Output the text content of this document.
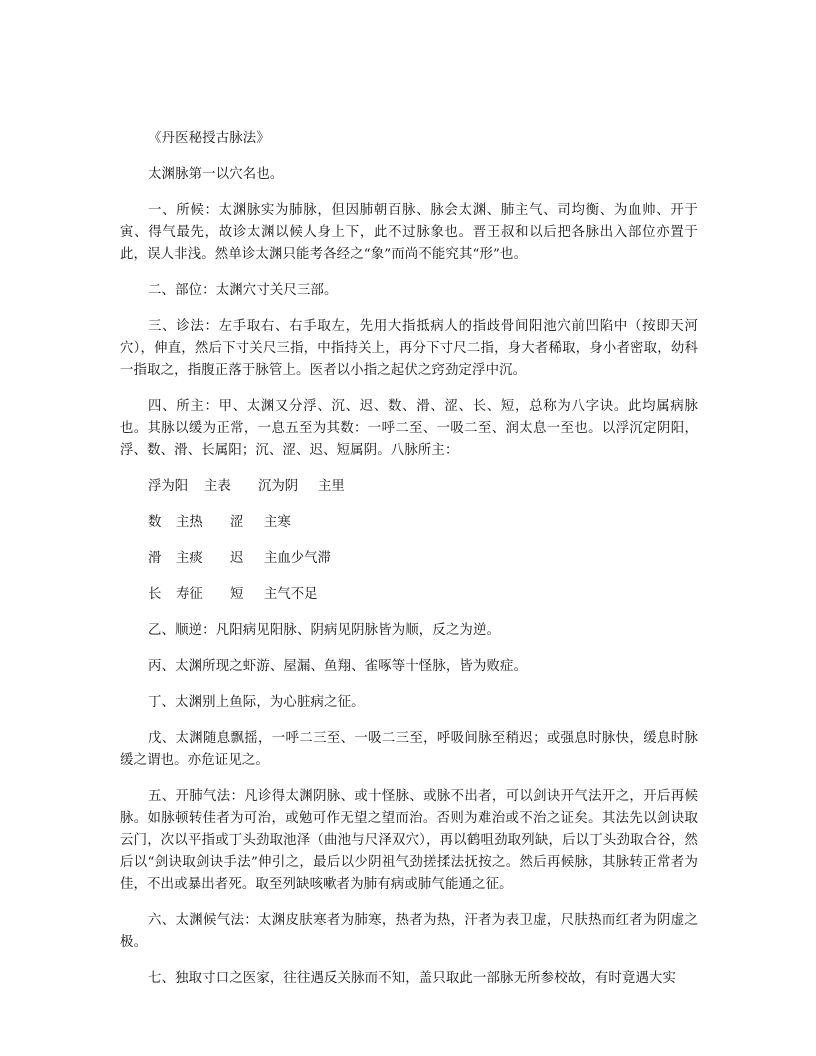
《丹医秘授古脉法》

太渊脉第一以穴名也。

一、所候：太渊脉实为肺脉，但因肺朝百脉、脉会太渊、肺主气、司均衡、为血帅、开于寅、得气最先，故诊太渊以候人身上下，此不过脉象也。晋王叔和以后把各脉出入部位亦置于此，误人非浅。然单诊太渊只能考各经之“象”而尚不能究其“形”也。

二、部位：太渊穴寸关尺三部。

三、诊法：左手取右、右手取左，先用大指抵病人的指歧骨间阳池穴前凹陷中（按即天河穴），伸直，然后下寸关尺三指，中指持关上，再分下寸尺二指，身大者稀取，身小者密取，幼科一指取之，指腹正落于脉管上。医者以小指之起伏之窍劲定浮中沉。

四、所主：甲、太渊又分浮、沉、迟、数、滑、涩、长、短，总称为八字诀。此均属病脉也。其脉以缓为正常，一息五至为其数：一呼二至、一吸二至、润太息一至也。以浮沉定阴阳，浮、数、滑、长属阳；沉、涩、迟、短属阴。八脉所主：

浮为阳 主表 沉为阴 主里
数 主热 涩 主寒
滑 主痰 迟 主血少气滞
长 寿征 短 主气不足

乙、顺逆：凡阳病见阳脉、阴病见阴脉皆为顺，反之为逆。

丙、太渊所现之虾游、屋漏、鱼翔、雀啄等十怪脉，皆为败症。

丁、太渊别上鱼际，为心脏病之征。

戊、太渊随息飘摇，一呼二三至、一吸二三至，呼吸间脉至稍迟；或强息时脉快，缓息时脉缓之谓也。亦危证见之。

五、开肺气法：凡诊得太渊阴脉、或十怪脉、或脉不出者，可以剑诀开气法开之，开后再候脉。如脉顿转佳者为可治，或勉可作无望之望而治。否则为难治或不治之证矣。其法先以剑诀取云门，次以平指或丁头劲取池泽（曲池与尺泽双穴），再以鹤咀劲取列缺，后以丁头劲取合谷，然后以“剑诀取剑诀手法”伸引之，最后以少阴祖气劲搓揉法抚按之。然后再候脉，其脉转正常者为佳，不出或暴出者死。取至列缺咳嗽者为肺有病或肺气能通之征。

六、太渊候气法：太渊皮肤寒者为肺寒，热者为热，汗者为表卫虚，尺肤热而红者为阴虚之极。

七、独取寸口之医家，往往遇反关脉而不知，盖只取此一部脉无所参校故，有时竟遇大实
